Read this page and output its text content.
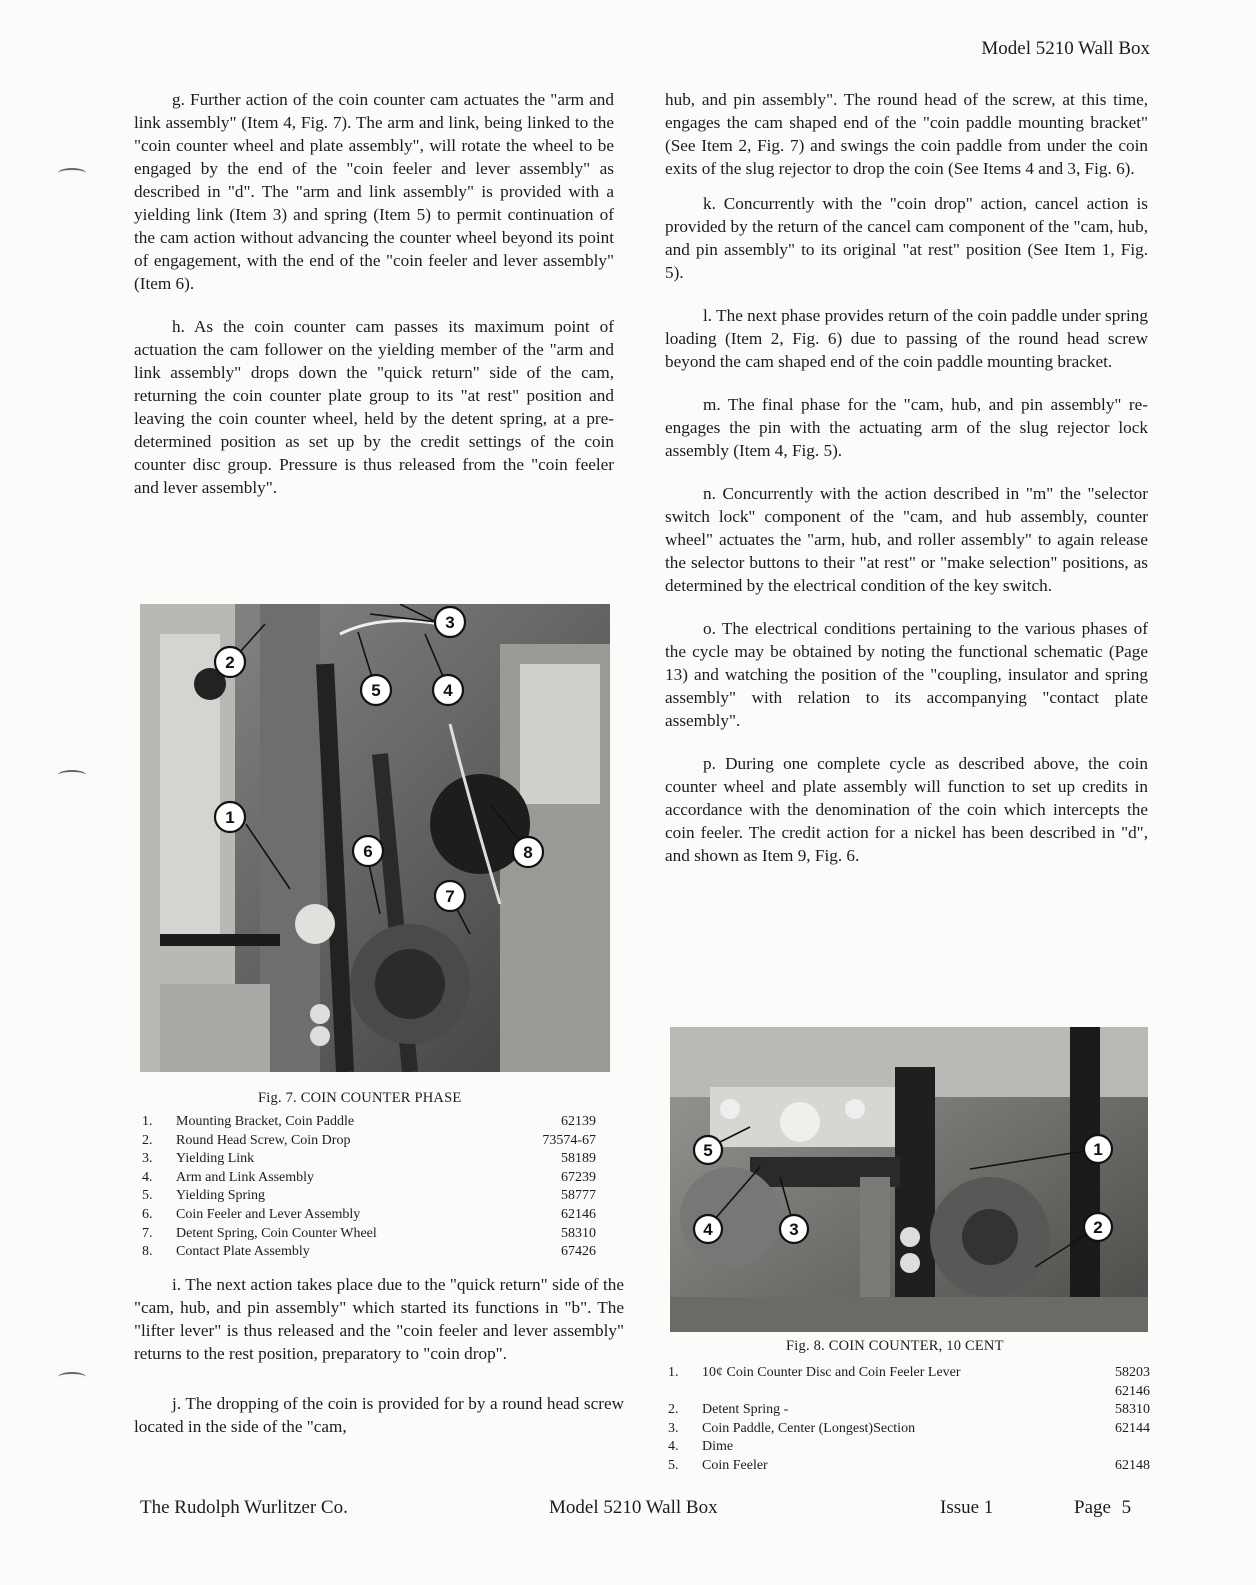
Model 5210 Wall Box

g. Further action of the coin counter cam actuates the "arm and link assembly" (Item 4, Fig. 7). The arm and link, being linked to the "coin counter wheel and plate assembly", will rotate the wheel to be engaged by the end of the "coin feeler and lever assembly" as described in "d". The "arm and link assembly" is provided with a yielding link (Item 3) and spring (Item 5) to permit continuation of the cam action without advancing the counter wheel beyond its point of engagement, with the end of the "coin feeler and lever assembly" (Item 6).

h. As the coin counter cam passes its maximum point of actuation the cam follower on the yielding member of the "arm and link assembly" drops down the "quick return" side of the cam, returning the coin counter plate group to its "at rest" position and leaving the coin counter wheel, held by the detent spring, at a pre-determined position as set up by the credit settings of the coin counter disc group. Pressure is thus released from the "coin feeler and lever assembly".

2
3
5	4
1
6	8
7
Fig. 7. COIN COUNTER PHASE
1.	Mounting Bracket, Coin Paddle	62139
2.	Round Head Screw, Coin Drop	73574-67
3.	Yielding Link	58189
4.	Arm and Link Assembly	67239
5.	Yielding Spring	58777
6.	Coin Feeler and Lever Assembly	62146
7.	Detent Spring, Coin Counter Wheel	58310
8.	Contact Plate Assembly	67426

i. The next action takes place due to the "quick return" side of the "cam, hub, and pin assembly" which started its functions in "b". The "lifter lever" is thus released and the "coin feeler and lever assembly" returns to the rest position, preparatory to "coin drop".

j. The dropping of the coin is provided for by a round head screw located in the side of the "cam,

hub, and pin assembly". The round head of the screw, at this time, engages the cam shaped end of the "coin paddle mounting bracket" (See Item 2, Fig. 7) and swings the coin paddle from under the coin exits of the slug rejector to drop the coin (See Items 4 and 3, Fig. 6).

k. Concurrently with the "coin drop" action, cancel action is provided by the return of the cancel cam component of the "cam, hub, and pin assembly" to its original "at rest" position (See Item 1, Fig. 5).

l. The next phase provides return of the coin paddle under spring loading (Item 2, Fig. 6) due to passing of the round head screw beyond the cam shaped end of the coin paddle mounting bracket.

m. The final phase for the "cam, hub, and pin assembly" re-engages the pin with the actuating arm of the slug rejector lock assembly (Item 4, Fig. 5).

n. Concurrently with the action described in "m" the "selector switch lock" component of the "cam, and hub assembly, counter wheel" actuates the "arm, hub, and roller assembly" to again release the selector buttons to their "at rest" or "make selection" positions, as determined by the electrical condition of the key switch.

o. The electrical conditions pertaining to the various phases of the cycle may be obtained by noting the functional schematic (Page 13) and watching the position of the "coupling, insulator and spring assembly" with relation to its accompanying "contact plate assembly".

p. During one complete cycle as described above, the coin counter wheel and plate assembly will function to set up credits in accordance with the denomination of the coin which intercepts the coin feeler. The credit action for a nickel has been described in "d", and shown as Item 9, Fig. 6.

5	1
4	3	2
Fig. 8. COIN COUNTER, 10 CENT
1.	10¢ Coin Counter Disc and Coin Feeler Lever	58203
		62146
2.	Detent Spring -	58310
3.	Coin Paddle, Center (Longest)Section	62144
4.	Dime	
5.	Coin Feeler	62148
The Rudolph Wurlitzer Co.	Model 5210 Wall Box	Issue 1	Page 5
